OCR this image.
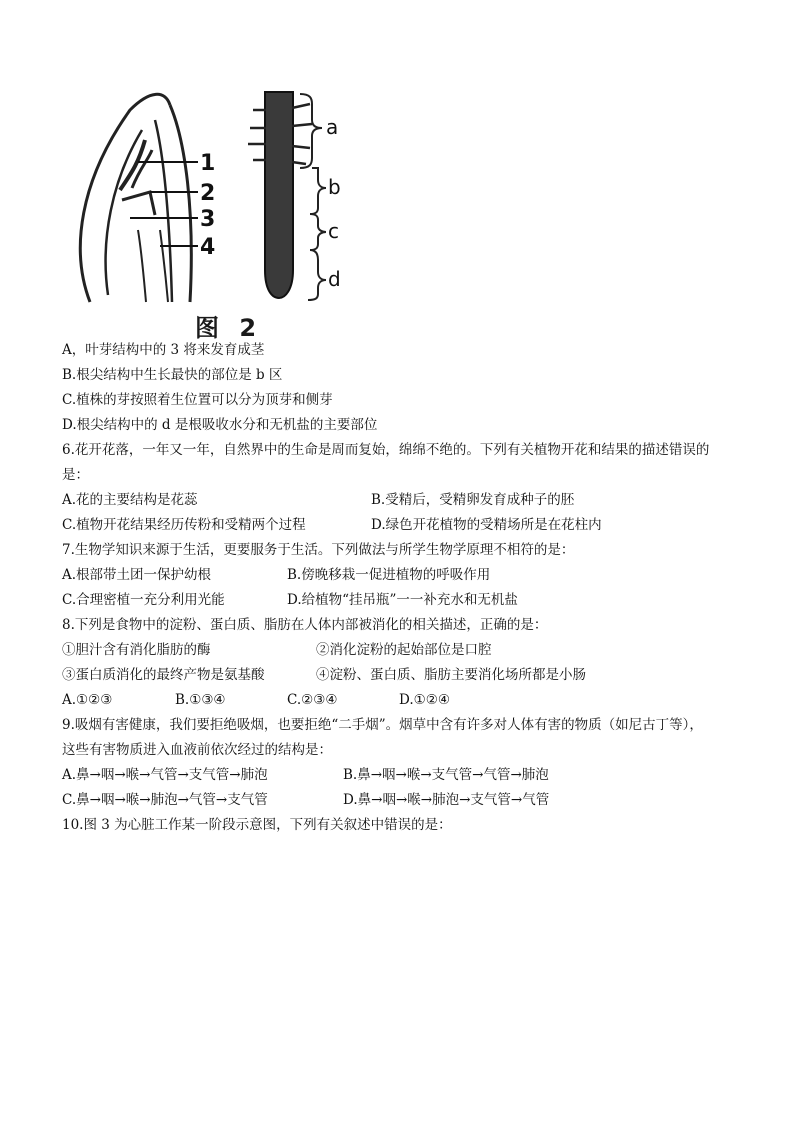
1
2
3
4
a
b
c
d
图 2
A，叶芽结构中的 3 将来发育成茎
B.根尖结构中生长最快的部位是 b 区
C.植株的芽按照着生位置可以分为顶芽和侧芽
D.根尖结构中的 d 是根吸收水分和无机盐的主要部位
6.花开花落，一年又一年，自然界中的生命是周而复始，绵绵不绝的。下列有关植物开花和结果的描述错误的
是：
A.花的主要结构是花蕊	B.受精后，受精卵发育成种子的胚
C.植物开花结果经历传粉和受精两个过程	D.绿色开花植物的受精场所是在花柱内
7.生物学知识来源于生活，更要服务于生活。下列做法与所学生物学原理不相符的是：
A.根部带土团一保护幼根	B.傍晚移栽一促进植物的呼吸作用
C.合理密植一充分利用光能	D.给植物“挂吊瓶”一一补充水和无机盐
8.下列是食物中的淀粉、蛋白质、脂肪在人体内部被消化的相关描述，正确的是：
①胆汁含有消化脂肪的酶	②消化淀粉的起始部位是口腔
③蛋白质消化的最终产物是氨基酸	④淀粉、蛋白质、脂肪主要消化场所都是小肠
A.①②③	B.①③④	C.②③④	D.①②④
9.吸烟有害健康，我们要拒绝吸烟，也要拒绝“二手烟”。烟草中含有许多对人体有害的物质（如尼古丁等），
这些有害物质进入血液前依次经过的结构是：
A.鼻→咽→喉→气管→支气管→肺泡	B.鼻→咽→喉→支气管→气管→肺泡
C.鼻→咽→喉→肺泡→气管→支气管	D.鼻→咽→喉→肺泡→支气管→气管
10.图 3 为心脏工作某一阶段示意图，下列有关叙述中错误的是：
